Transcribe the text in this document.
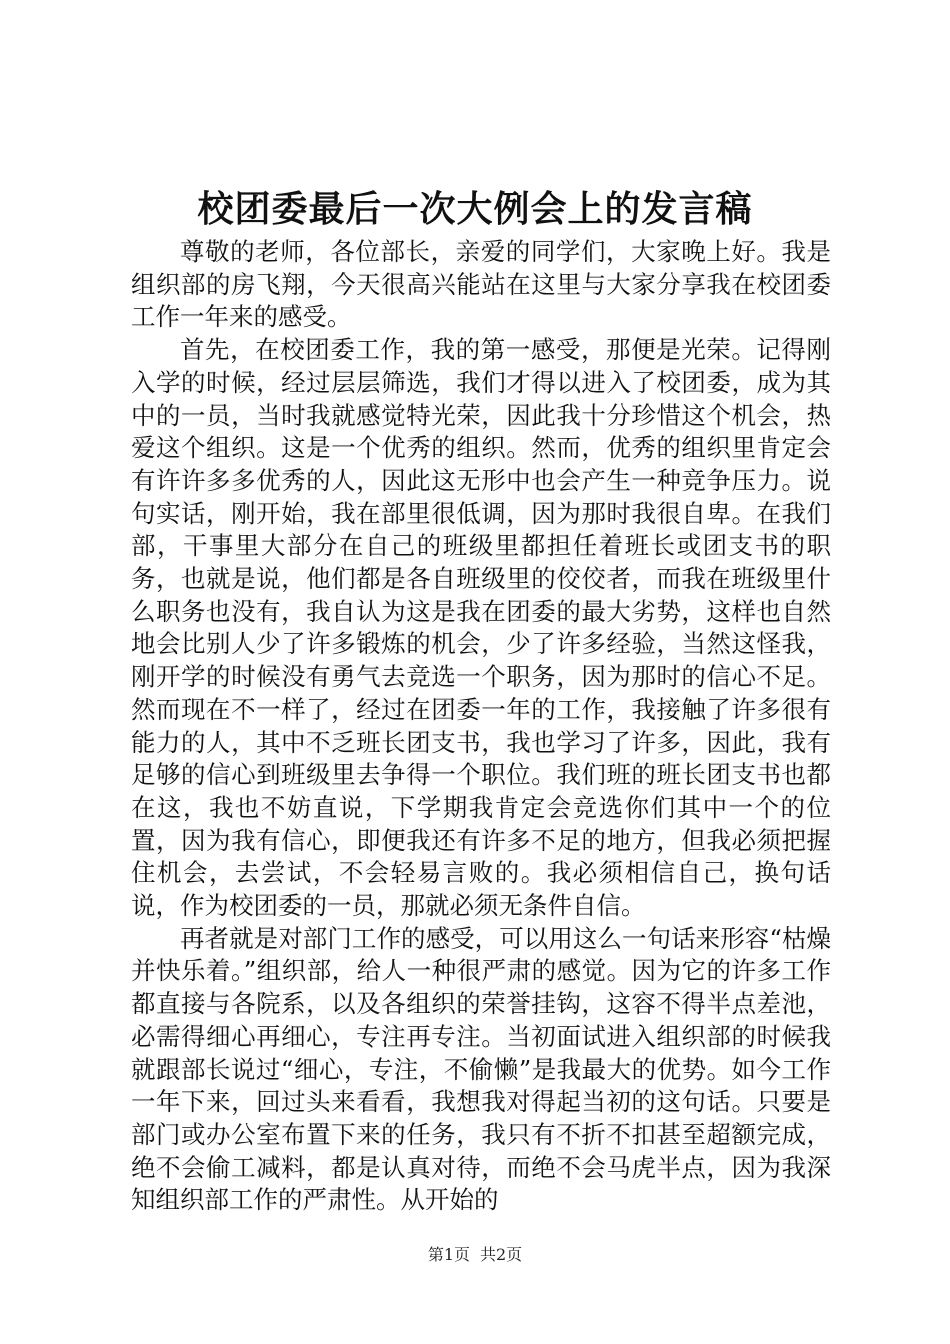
校团委最后一次大例会上的发言稿

尊敬的老师，各位部长，亲爱的同学们，大家晚上好。我是组织部的房飞翔，今天很高兴能站在这里与大家分享我在校团委工作一年来的感受。

首先，在校团委工作，我的第一感受，那便是光荣。记得刚入学的时候，经过层层筛选，我们才得以进入了校团委，成为其中的一员，当时我就感觉特光荣，因此我十分珍惜这个机会，热爱这个组织。这是一个优秀的组织。然而，优秀的组织里肯定会有许许多多优秀的人，因此这无形中也会产生一种竞争压力。说句实话，刚开始，我在部里很低调，因为那时我很自卑。在我们部，干事里大部分在自己的班级里都担任着班长或团支书的职务，也就是说，他们都是各自班级里的佼佼者，而我在班级里什么职务也没有，我自认为这是我在团委的最大劣势，这样也自然地会比别人少了许多锻炼的机会，少了许多经验，当然这怪我，刚开学的时候没有勇气去竞选一个职务，因为那时的信心不足。然而现在不一样了，经过在团委一年的工作，我接触了许多很有能力的人，其中不乏班长团支书，我也学习了许多，因此，我有足够的信心到班级里去争得一个职位。我们班的班长团支书也都在这，我也不妨直说，下学期我肯定会竞选你们其中一个的位置，因为我有信心，即便我还有许多不足的地方，但我必须把握住机会，去尝试，不会轻易言败的。我必须相信自己，换句话说，作为校团委的一员，那就必须无条件自信。

再者就是对部门工作的感受，可以用这么一句话来形容“枯燥并快乐着。”组织部，给人一种很严肃的感觉。因为它的许多工作都直接与各院系，以及各组织的荣誉挂钩，这容不得半点差池，必需得细心再细心，专注再专注。当初面试进入组织部的时候我就跟部长说过“细心，专注，不偷懒”是我最大的优势。如今工作一年下来，回过头来看看，我想我对得起当初的这句话。只要是部门或办公室布置下来的任务，我只有不折不扣甚至超额完成，绝不会偷工减料，都是认真对待，而绝不会马虎半点，因为我深知组织部工作的严肃性。从开始的

第1页 共2页
